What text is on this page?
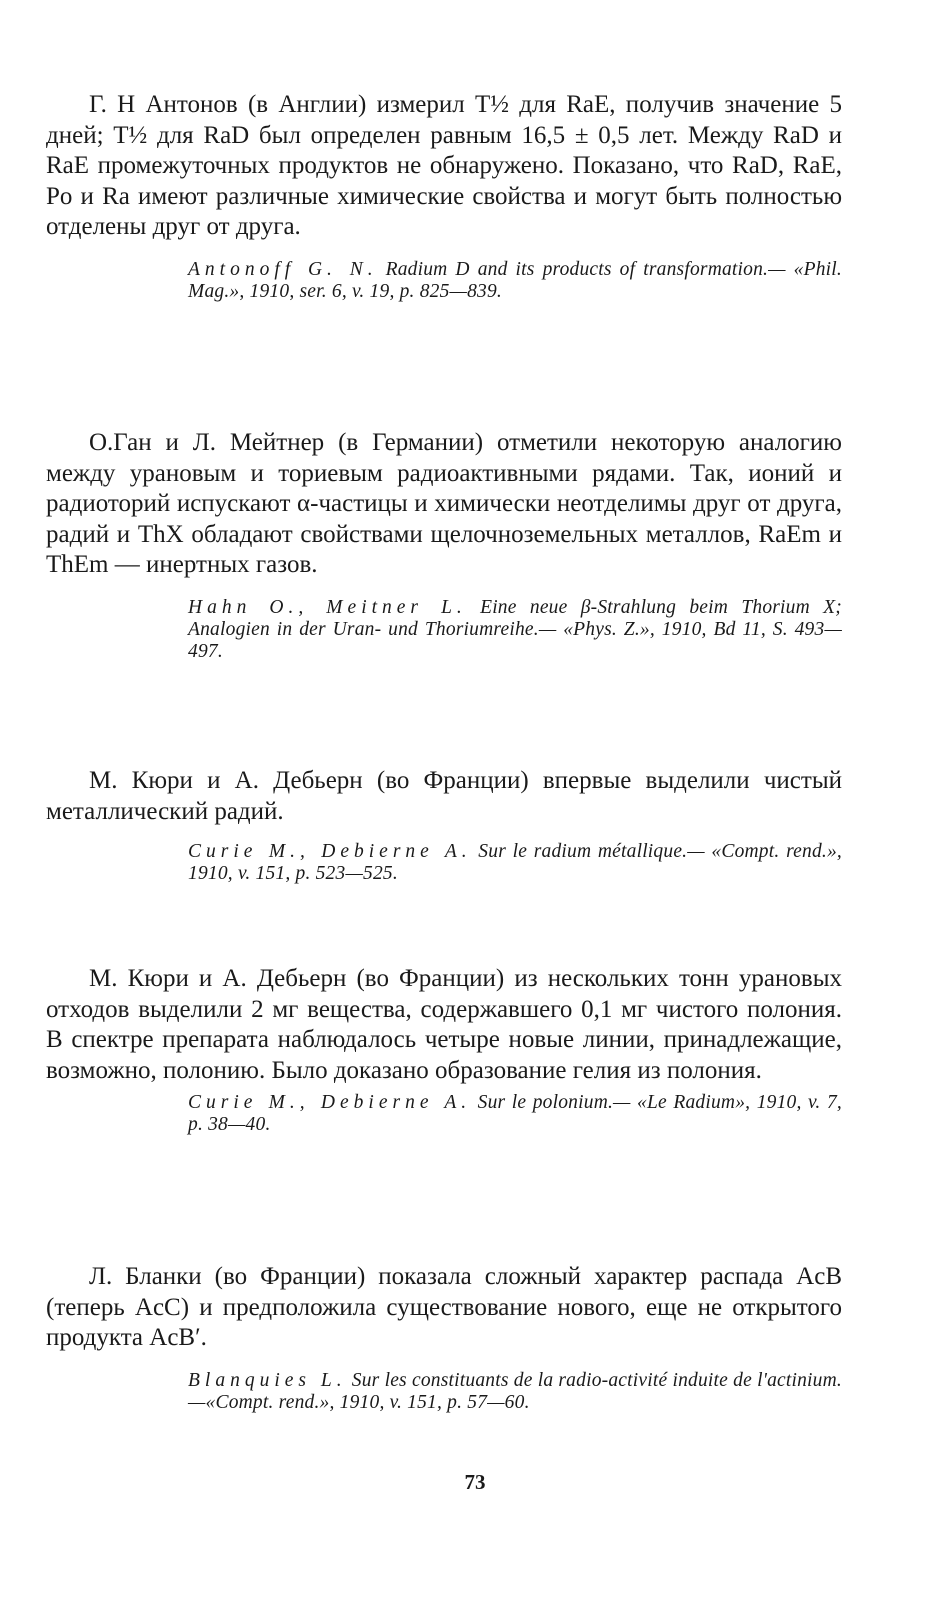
Г. Н Антонов (в Англии) измерил T½ для RaE, получив значение 5 дней; T½ для RaD был определен равным 16,5 ± 0,5 лет. Между RaD и RaE промежуточных продуктов не обнаружено. Показано, что RaD, RaE, Po и Ra имеют различные химические свойства и могут быть полностью отделены друг от друга.

Antonoff G. N. Radium D and its products of transformation.— «Phil. Mag.», 1910, ser. 6, v. 19, p. 825—839.

О.Ган и Л. Мейтнер (в Германии) отметили некоторую аналогию между урановым и ториевым радиоактивными рядами. Так, ионий и радиоторий испускают α-частицы и химически неотделимы друг от друга, радий и ThX обладают свойствами щелочноземельных металлов, RaEm и ThEm — инертных газов.

Hahn O., Meitner L. Eine neue β-Strahlung beim Thorium X; Analogien in der Uran- und Thoriumreihe.— «Phys. Z.», 1910, Bd 11, S. 493—497.

М. Кюри и А. Дебьерн (во Франции) впервые выделили чистый металлический радий.

Curie M., Debierne A. Sur le radium métallique.— «Compt. rend.», 1910, v. 151, p. 523—525.

М. Кюри и А. Дебьерн (во Франции) из нескольких тонн урановых отходов выделили 2 мг вещества, содержавшего 0,1 мг чистого полония. В спектре препарата наблюдалось четыре новые линии, принадлежащие, возможно, полонию. Было доказано образование гелия из полония.

Curie M., Debierne A. Sur le polonium.— «Le Radium», 1910, v. 7, p. 38—40.

Л. Бланки (во Франции) показала сложный характер распада AcB (теперь AcC) и предположила существование нового, еще не открытого продукта AcB′.

Blanquies L. Sur les constituants de la radio-activité induite de l'actinium. —«Compt. rend.», 1910, v. 151, p. 57—60.

73
